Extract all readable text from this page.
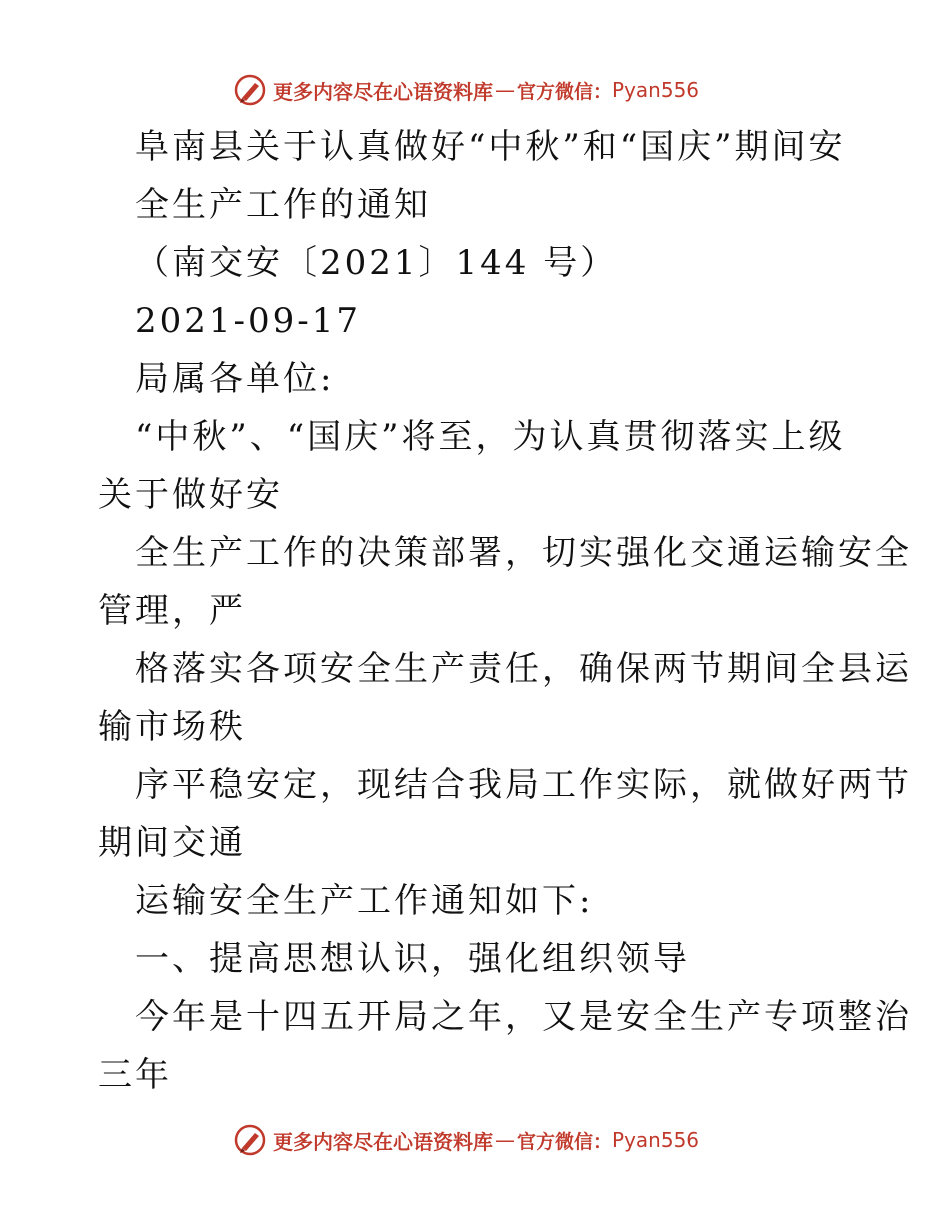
更多内容尽在心语资料库 — 官方微信： Pyan556
阜南县关于认真做好“中秋”和“国庆”期间安
全生产工作的通知
（南交安〔2021〕144 号）
2021-09-17
局属各单位:
“中秋”、“国庆”将至，为认真贯彻落实上级
关于做好安
全生产工作的决策部署，切实强化交通运输安全
管理，严
格落实各项安全生产责任，确保两节期间全县运
输市场秩
序平稳安定，现结合我局工作实际，就做好两节
期间交通
运输安全生产工作通知如下:
一、提高思想认识，强化组织领导
今年是十四五开局之年，又是安全生产专项整治
三年
更多内容尽在心语资料库 — 官方微信： Pyan556
